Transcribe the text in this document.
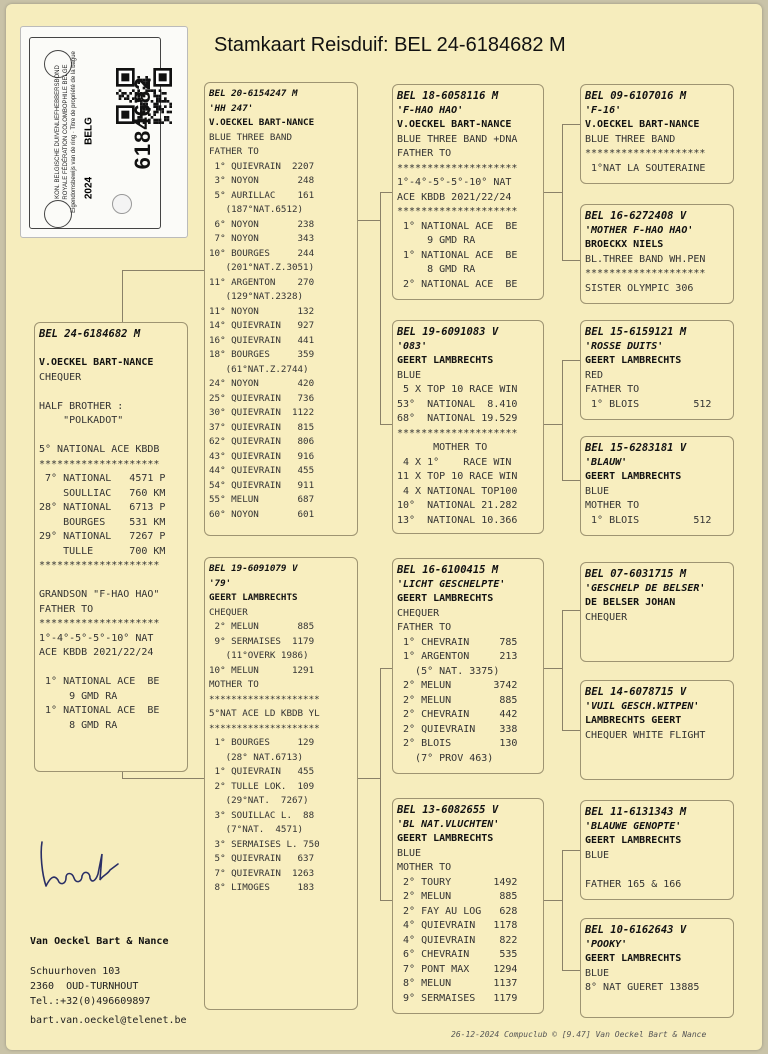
Stamkaart Reisduif: BEL 24-6184682 M
KON. BELGISCHE DUIVENLIEFHEBBERSBOND ROYALE FÉDÉRATION COLOMBOPHILE BELGE Eigendomsbewijs van de ring · Titre de propriété de la bague BELG
2024
6184682
BEL 24-6184682 M
V.OECKEL BART-NANCE
CHEQUER
HALF BROTHER :
"POLKADOT"
5° NATIONAL ACE KBDB
********************
7° NATIONAL   4571 P
SOULLIAC   760 KM
28° NATIONAL   6713 P
BOURGES    531 KM
29° NATIONAL   7267 P
TULLE      700 KM
********************
GRANDSON "F-HAO HAO"
FATHER TO
********************
1°-4°-5°-5°-10° NAT
ACE KBDB 2021/22/24
1° NATIONAL ACE  BE
9 GMD RA
1° NATIONAL ACE  BE
8 GMD RA
BEL 20-6154247 M
'HH 247'
V.OECKEL BART-NANCE
BLUE THREE BAND
FATHER TO
1° QUIEVRAIN  2207
3° NOYON       248
5° AURILLAC    161
(187°NAT.6512)
6° NOYON       238
7° NOYON       343
10° BOURGES     244
(201°NAT.Z.3051)
11° ARGENTON    270
(129°NAT.2328)
11° NOYON       132
14° QUIEVRAIN   927
16° QUIEVRAIN   441
18° BOURGES     359
(61°NAT.Z.2744)
24° NOYON       420
25° QUIEVRAIN   736
30° QUIEVRAIN  1122
37° QUIEVRAIN   815
62° QUIEVRAIN   806
43° QUIEVRAIN   916
44° QUIEVRAIN   455
54° QUIEVRAIN   911
55° MELUN       687
60° NOYON       601
BEL 19-6091079 V
'79'
GEERT LAMBRECHTS
CHEQUER
2° MELUN       885
9° SERMAISES  1179
(11°OVERK 1986)
10° MELUN      1291
MOTHER TO
********************
5°NAT ACE LD KBDB YL
********************
1° BOURGES     129
(28° NAT.6713)
1° QUIEVRAIN   455
2° TULLE LOK.  109
(29°NAT.  7267)
3° SOUILLAC L.  88
(7°NAT.  4571)
3° SERMAISES L. 750
5° QUIEVRAIN   637
7° QUIEVRAIN  1263
8° LIMOGES     183
BEL 18-6058116 M
'F-HAO HAO'
V.OECKEL BART-NANCE
BLUE THREE BAND +DNA
FATHER TO
********************
1°-4°-5°-5°-10° NAT
ACE KBDB 2021/22/24
********************
1° NATIONAL ACE  BE
9 GMD RA
1° NATIONAL ACE  BE
8 GMD RA
2° NATIONAL ACE  BE
BEL 19-6091083 V
'083'
GEERT LAMBRECHTS
BLUE
5 X TOP 10 RACE WIN
53°  NATIONAL  8.410
68°  NATIONAL 19.529
********************
MOTHER TO
4 X 1°    RACE WIN
11 X TOP 10 RACE WIN
4 X NATIONAL TOP100
10°  NATIONAL 21.282
13°  NATIONAL 10.366
BEL 16-6100415 M
'LICHT GESCHELPTE'
GEERT LAMBRECHTS
CHEQUER
FATHER TO
1° CHEVRAIN     785
1° ARGENTON     213
(5° NAT. 3375)
2° MELUN       3742
2° MELUN        885
2° CHEVRAIN     442
2° QUIEVRAIN    338
2° BLOIS        130
(7° PROV 463)
BEL 13-6082655 V
'BL NAT.VLUCHTEN'
GEERT LAMBRECHTS
BLUE
MOTHER TO
2° TOURY       1492
2° MELUN        885
2° FAY AU LOG   628
4° QUIEVRAIN   1178
4° QUIEVRAIN    822
6° CHEVRAIN     535
7° PONT MAX    1294
8° MELUN       1137
9° SERMAISES   1179
BEL 09-6107016 M
'F-16'
V.OECKEL BART-NANCE
BLUE THREE BAND
********************
1°NAT LA SOUTERAINE
BEL 16-6272408 V
'MOTHER F-HAO HAO'
BROECKX NIELS
BL.THREE BAND WH.PEN
********************
SISTER OLYMPIC 306
BEL 15-6159121 M
'ROSSE DUITS'
GEERT LAMBRECHTS
RED
FATHER TO
1° BLOIS         512
BEL 15-6283181 V
'BLAUW'
GEERT LAMBRECHTS
BLUE
MOTHER TO
1° BLOIS         512
BEL 07-6031715 M
'GESCHELP DE BELSER'
DE BELSER JOHAN
CHEQUER
BEL 14-6078715 V
'VUIL GESCH.WITPEN'
LAMBRECHTS GEERT
CHEQUER WHITE FLIGHT
BEL 11-6131343 M
'BLAUWE GENOPTE'
GEERT LAMBRECHTS
BLUE
FATHER 165 & 166
BEL 10-6162643 V
'POOKY'
GEERT LAMBRECHTS
BLUE
8° NAT GUERET 13885
Van Oeckel Bart & Nance
Schuurhoven 103
2360  OUD-TURNHOUT
Tel.:+32(0)496609897
bart.van.oeckel@telenet.be
26-12-2024 Compuclub © [9.47] Van Oeckel Bart & Nance
